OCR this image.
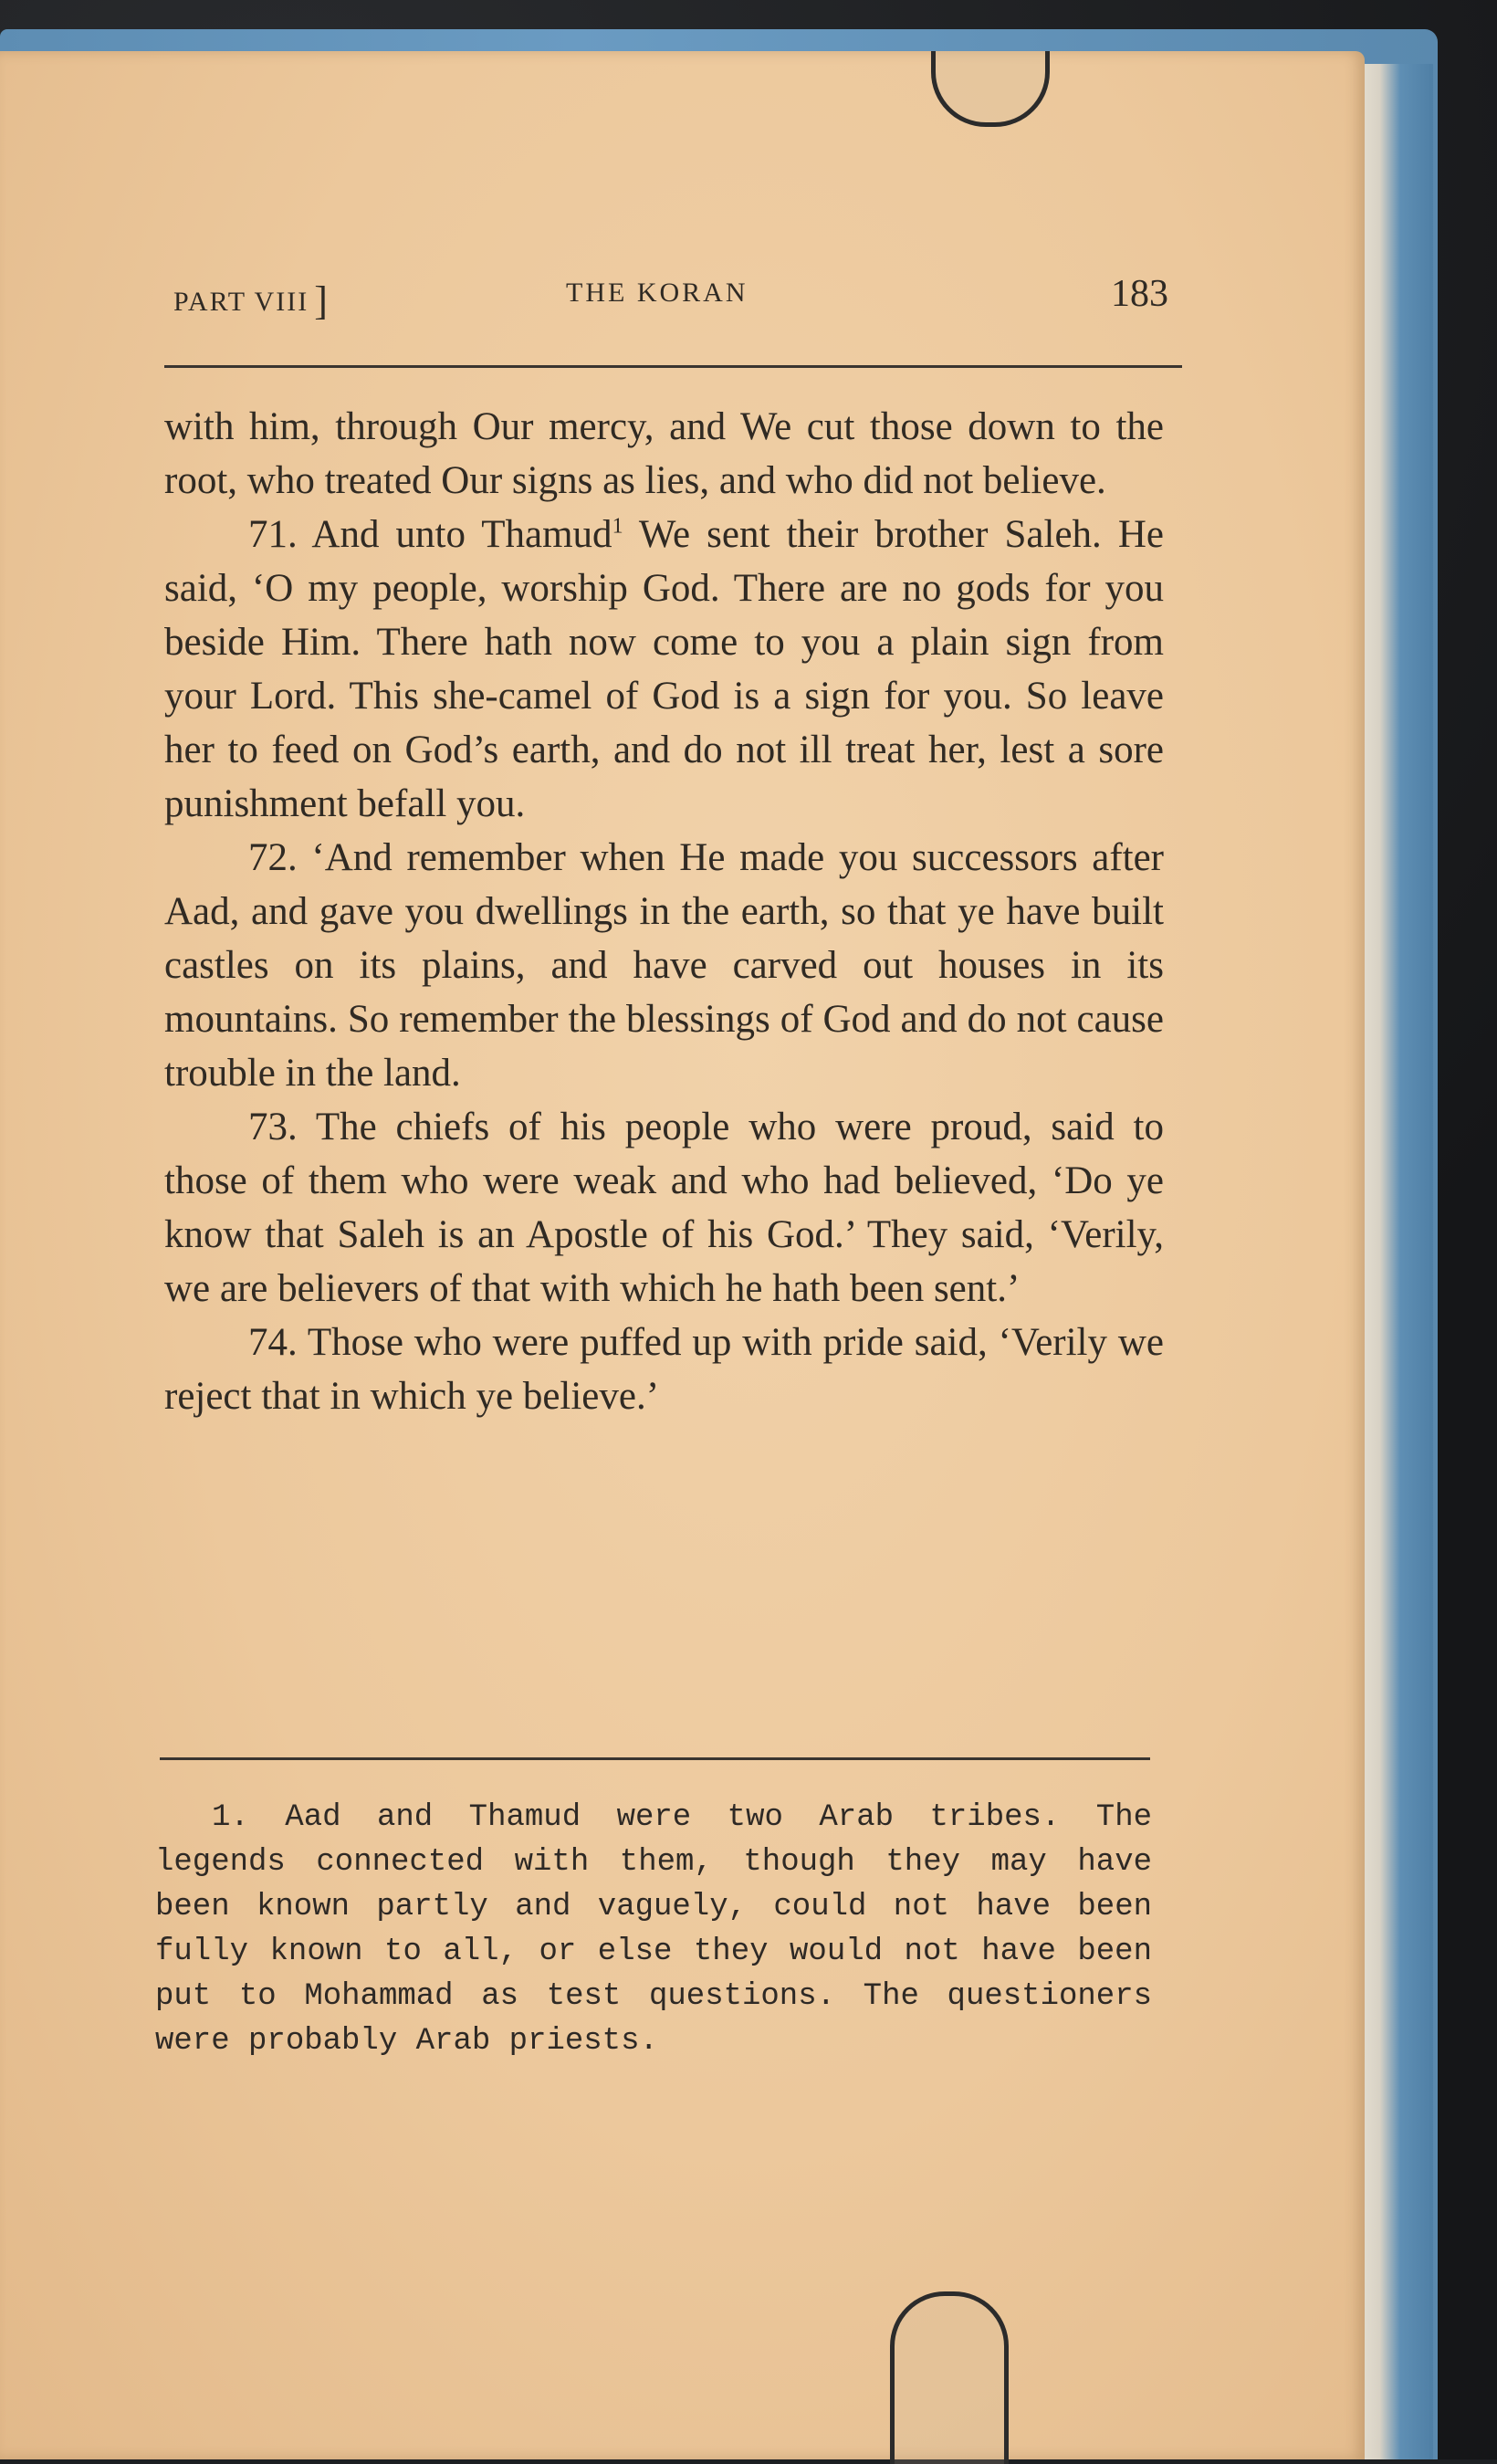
PART VIII ]	THE KORAN	183

with him, through Our mercy, and We cut those down to the root, who treated Our signs as lies, and who did not believe.

71. And unto Thamud$^1$ We sent their brother Saleh. He said, ‘O my people, worship God. There are no gods for you beside Him. There hath now come to you a plain sign from your Lord. This she-camel of God is a sign for you. So leave her to feed on God’s earth, and do not ill treat her, lest a sore punishment befall you.

72. ‘And remember when He made you successors after Aad, and gave you dwellings in the earth, so that ye have built castles on its plains, and have carved out houses in its mountains. So remember the blessings of God and do not cause trouble in the land.

73. The chiefs of his people who were proud, said to those of them who were weak and who had believed, ‘Do ye know that Saleh is an Apostle of his God.’ They said, ‘Verily, we are believers of that with which he hath been sent.’

74. Those who were puffed up with pride said, ‘Verily we reject that in which ye believe.’

1. Aad and Thamud were two Arab tribes. The legends connected with them, though they may have been known partly and vaguely, could not have been fully known to all, or else they would not have been put to Mohammad as test questions. The questioners were probably Arab priests.
